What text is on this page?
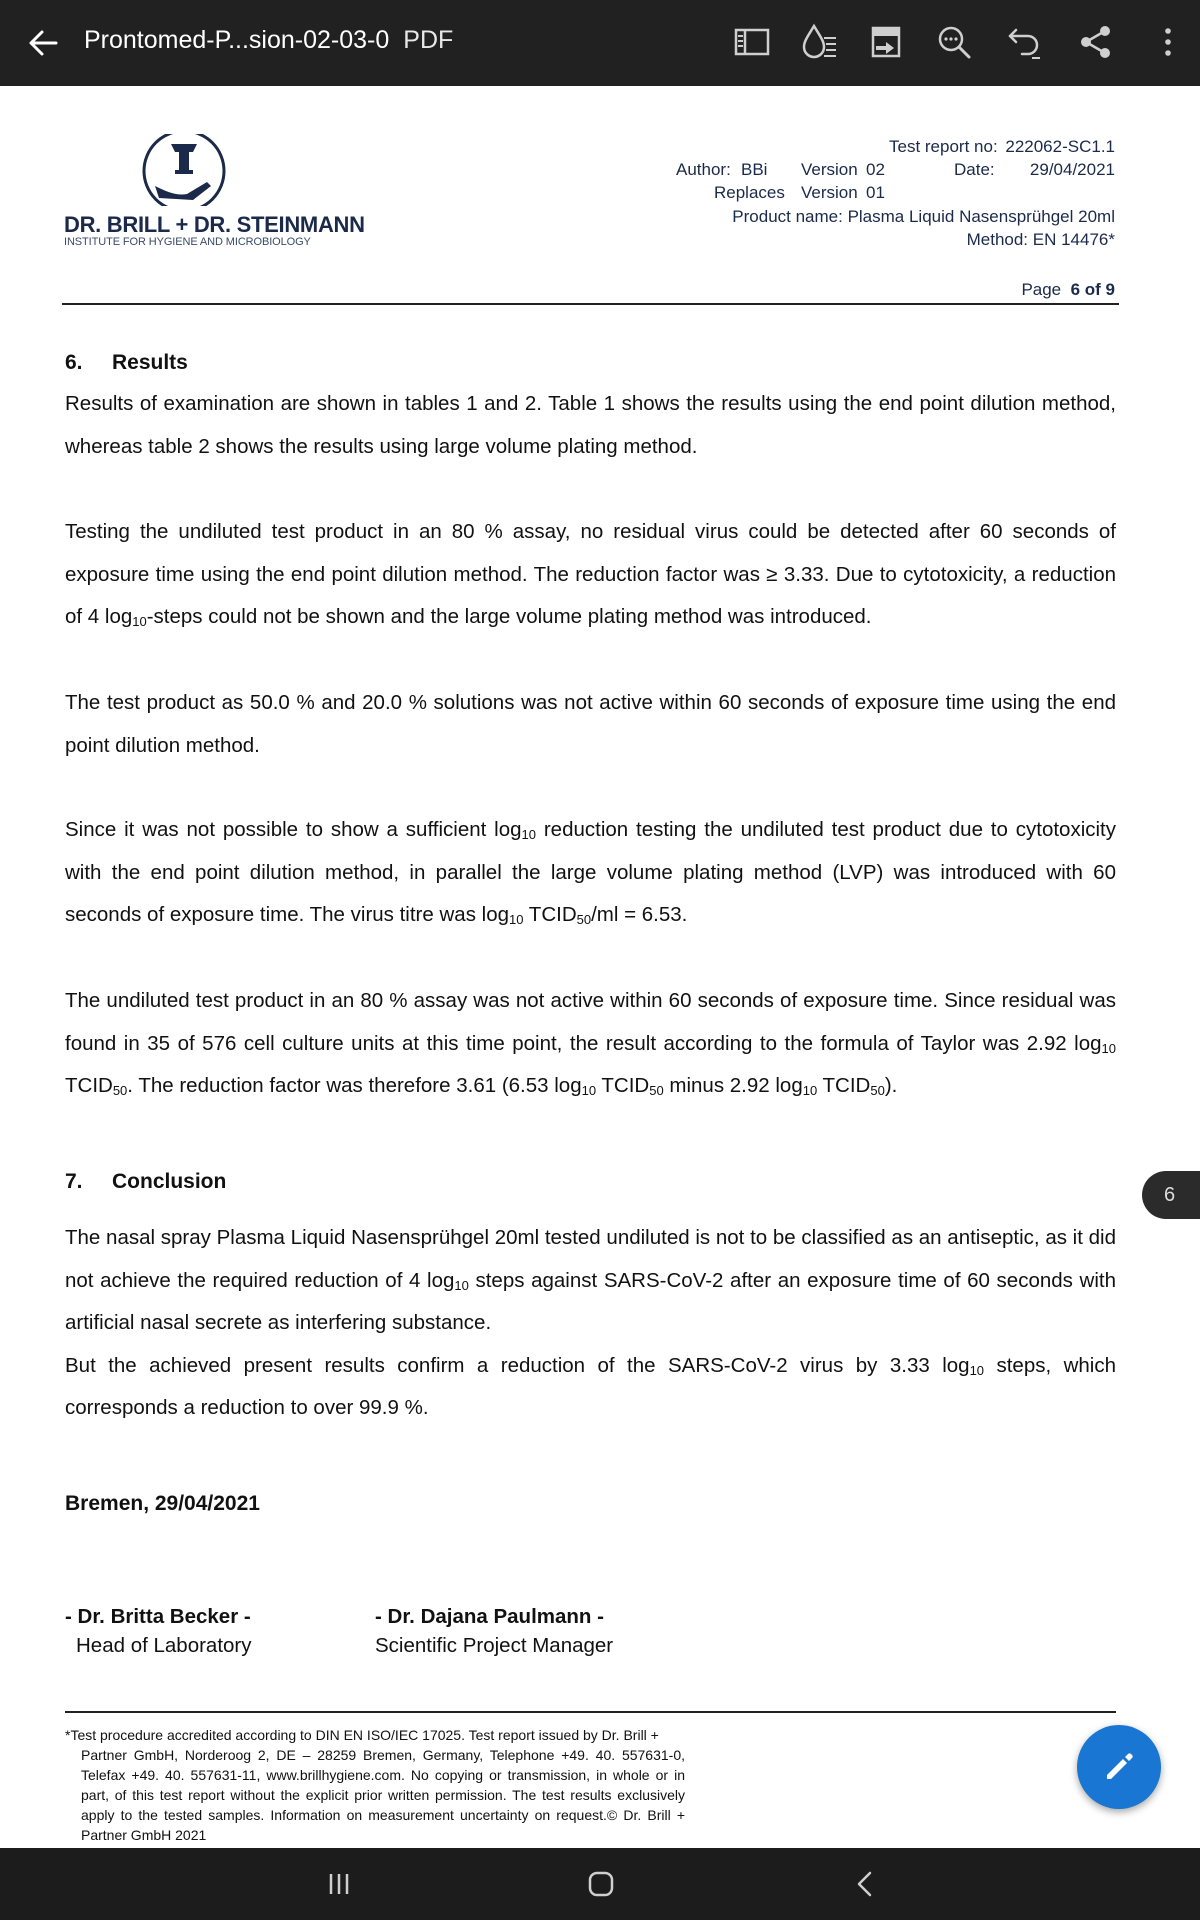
Prontomed-P...sion-02-03-0 PDF
DR. BRILL + DR. STEINMANN
INSTITUTE FOR HYGIENE AND MICROBIOLOGY
Test report no: 222062-SC1.1
Author: BBi Version 02	Date: 29/04/2021
Replaces Version 01
Product name: Plasma Liquid Nasensprühgel 20ml
Method: EN 14476*
Page 6 of 9
6. Results
Results of examination are shown in tables 1 and 2. Table 1 shows the results using the end point dilution method, whereas table 2 shows the results using large volume plating method.
Testing the undiluted test product in an 80 % assay, no residual virus could be detected after 60 seconds of exposure time using the end point dilution method. The reduction factor was ≥ 3.33. Due to cytotoxicity, a reduction of 4 $\log_{10}$-steps could not be shown and the large volume plating method was introduced.
The test product as 50.0 % and 20.0 % solutions was not active within 60 seconds of exposure time using the end point dilution method.
Since it was not possible to show a sufficient $\log_{10}$ reduction testing the undiluted test product due to cytotoxicity with the end point dilution method, in parallel the large volume plating method (LVP) was introduced with 60 seconds of exposure time. The virus titre was $\log_{10}$ $TCID_{50}/ml = 6.53$.
The undiluted test product in an 80 % assay was not active within 60 seconds of exposure time. Since residual was found in 35 of 576 cell culture units at this time point, the result according to the formula of Taylor was 2.92 $\log_{10}$ $TCID_{50}$. The reduction factor was therefore 3.61 (6.53 $\log_{10}$ $TCID_{50}$ minus 2.92 $\log_{10}$ $TCID_{50}$).
7. Conclusion
The nasal spray Plasma Liquid Nasensprühgel 20ml tested undiluted is not to be classified as an antiseptic, as it did not achieve the required reduction of 4 $\log_{10}$ steps against SARS-CoV-2 after an exposure time of 60 seconds with artificial nasal secrete as interfering substance.
But the achieved present results confirm a reduction of the SARS-CoV-2 virus by 3.33 $\log_{10}$ steps, which corresponds a reduction to over 99.9 %.
Bremen, 29/04/2021
- Dr. Britta Becker -
Head of Laboratory
- Dr. Dajana Paulmann -
Scientific Project Manager
*Test procedure accredited according to DIN EN ISO/IEC 17025. Test report issued by Dr. Brill +
Partner GmbH, Norderoog 2, DE – 28259 Bremen, Germany, Telephone +49. 40. 557631-0, Telefax +49. 40. 557631-11, www.brillhygiene.com. No copying or transmission, in whole or in part, of this test report without the explicit prior written permission. The test results exclusively apply to the tested samples. Information on measurement uncertainty on request.© Dr. Brill + Partner GmbH 2021
6
